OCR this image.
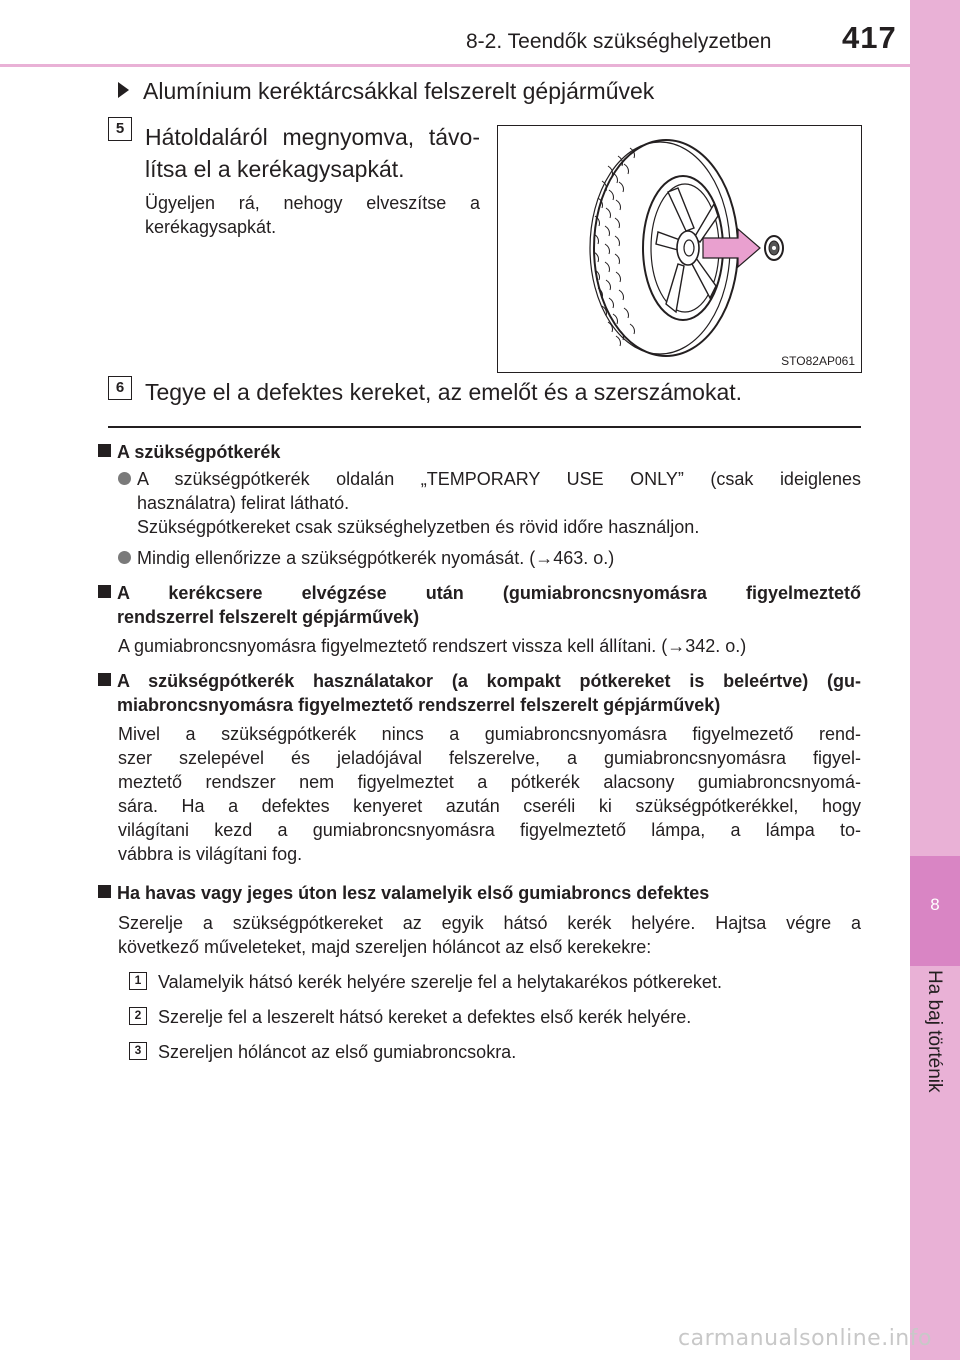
8-2. Teendők szükséghelyzetben 417
8
Ha baj történik
Alumínium keréktárcsákkal felszerelt gépjárművek
5 Hátoldaláról megnyomva, távo-
lítsa el a kerékagysapkát.
Ügyeljen rá, nehogy elveszítse a
kerékagysapkát.
STO82AP061
6 Tegye el a defektes kereket, az emelőt és a szerszámokat.
A szükségpótkerék
A szükségpótkerék oldalán „TEMPORARY USE ONLY” (csak ideiglenes
használatra) felirat látható.
Szükségpótkereket csak szükséghelyzetben és rövid időre használjon.
Mindig ellenőrizze a szükségpótkerék nyomását. (→463. o.)
A kerékcsere elvégzése után (gumiabroncsnyomásra figyelmeztető
rendszerrel felszerelt gépjárművek)
A gumiabroncsnyomásra figyelmeztető rendszert vissza kell állítani. (→342. o.)
A szükségpótkerék használatakor (a kompakt pótkereket is beleértve) (gu-
miabroncsnyomásra figyelmeztető rendszerrel felszerelt gépjárművek)
Mivel a szükségpótkerék nincs a gumiabroncsnyomásra figyelmezető rend-
szer szelepével és jeladójával felszerelve, a gumiabroncsnyomásra figyel-
meztető rendszer nem figyelmeztet a pótkerék alacsony gumiabroncsnyomá-
sára. Ha a defektes kenyeret azután cseréli ki szükségpótkerékkel, hogy
világítani kezd a gumiabroncsnyomásra figyelmeztető lámpa, a lámpa to-
vábbra is világítani fog.
Ha havas vagy jeges úton lesz valamelyik első gumiabroncs defektes
Szerelje a szükségpótkereket az egyik hátsó kerék helyére. Hajtsa végre a
következő műveleteket, majd szereljen hóláncot az első kerekekre:
1 Valamelyik hátsó kerék helyére szerelje fel a helytakarékos pótkereket.
2 Szerelje fel a leszerelt hátsó kereket a defektes első kerék helyére.
3 Szereljen hóláncot az első gumiabroncsokra.
carmanualsonline.info
